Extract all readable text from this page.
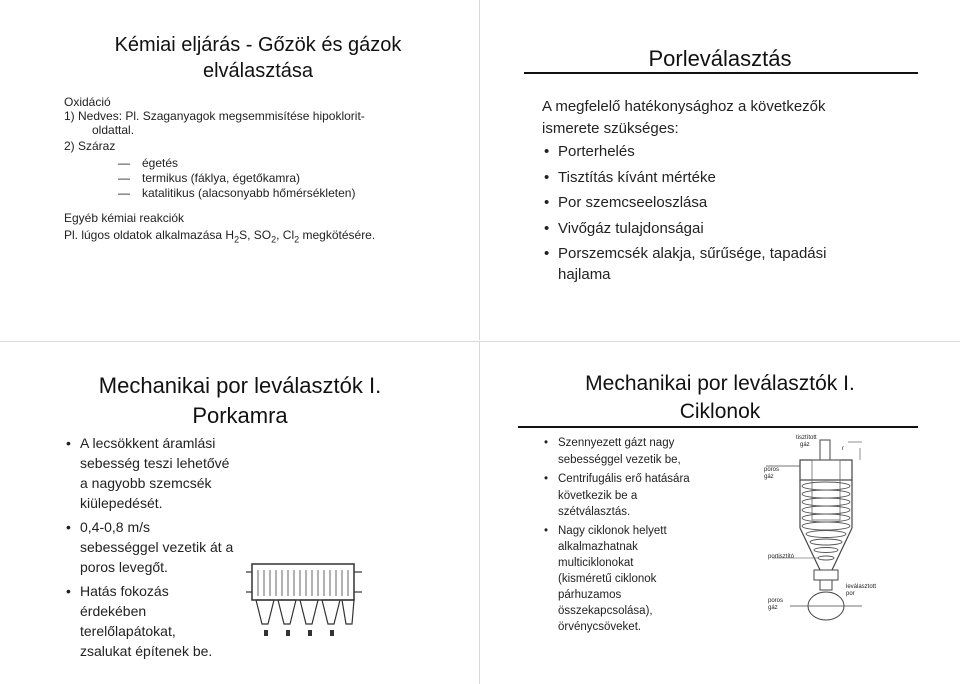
Kémiai eljárás - Gőzök és gázok
elválasztása
Oxidáció
1) Nedves: Pl. Szaganyagok megsemmisítése hipoklorit-
oldattal.
2) Száraz
— égetés
— termikus (fáklya, égetőkamra)
— katalitikus (alacsonyabb hőmérsékleten)
Egyéb kémiai reakciók
Pl. lúgos oldatok alkalmazása $H_2S$, $SO_2$, $Cl_2$ megkötésére.
Porleválasztás
A megfelelő hatékonysághoz a következők
ismerete szükséges:
• Porterhelés
• Tisztítás kívánt mértéke
• Por szemcseeloszlása
• Vivőgáz tulajdonságai
• Porszemcsék alakja, sűrűsége, tapadási
hajlama
Mechanikai por leválasztók I.
Porkamra
• A lecsökkent áramlási
sebesség teszi lehetővé
a nagyobb szemcsék
kiülepedését.
• 0,4-0,8 m/s
sebességgel vezetik át a
poros levegőt.
• Hatás fokozás
érdekében
terelőlapátokat,
zsalukat építenek be.
Mechanikai por leválasztók I.
Ciklonok
• Szennyezett gázt nagy
sebességgel vezetik be,
• Centrifugális erő hatására
következik be a
szétválasztás.
• Nagy ciklonok helyett
alkalmazhatnak
multiciklonokat
(kisméretű ciklonok
párhuzamos
összekapcsolása),
örvénycsöveket.
tisztított
gáz
r
poros
gáz
portisztító
leválasztott
por
poros
gáz
